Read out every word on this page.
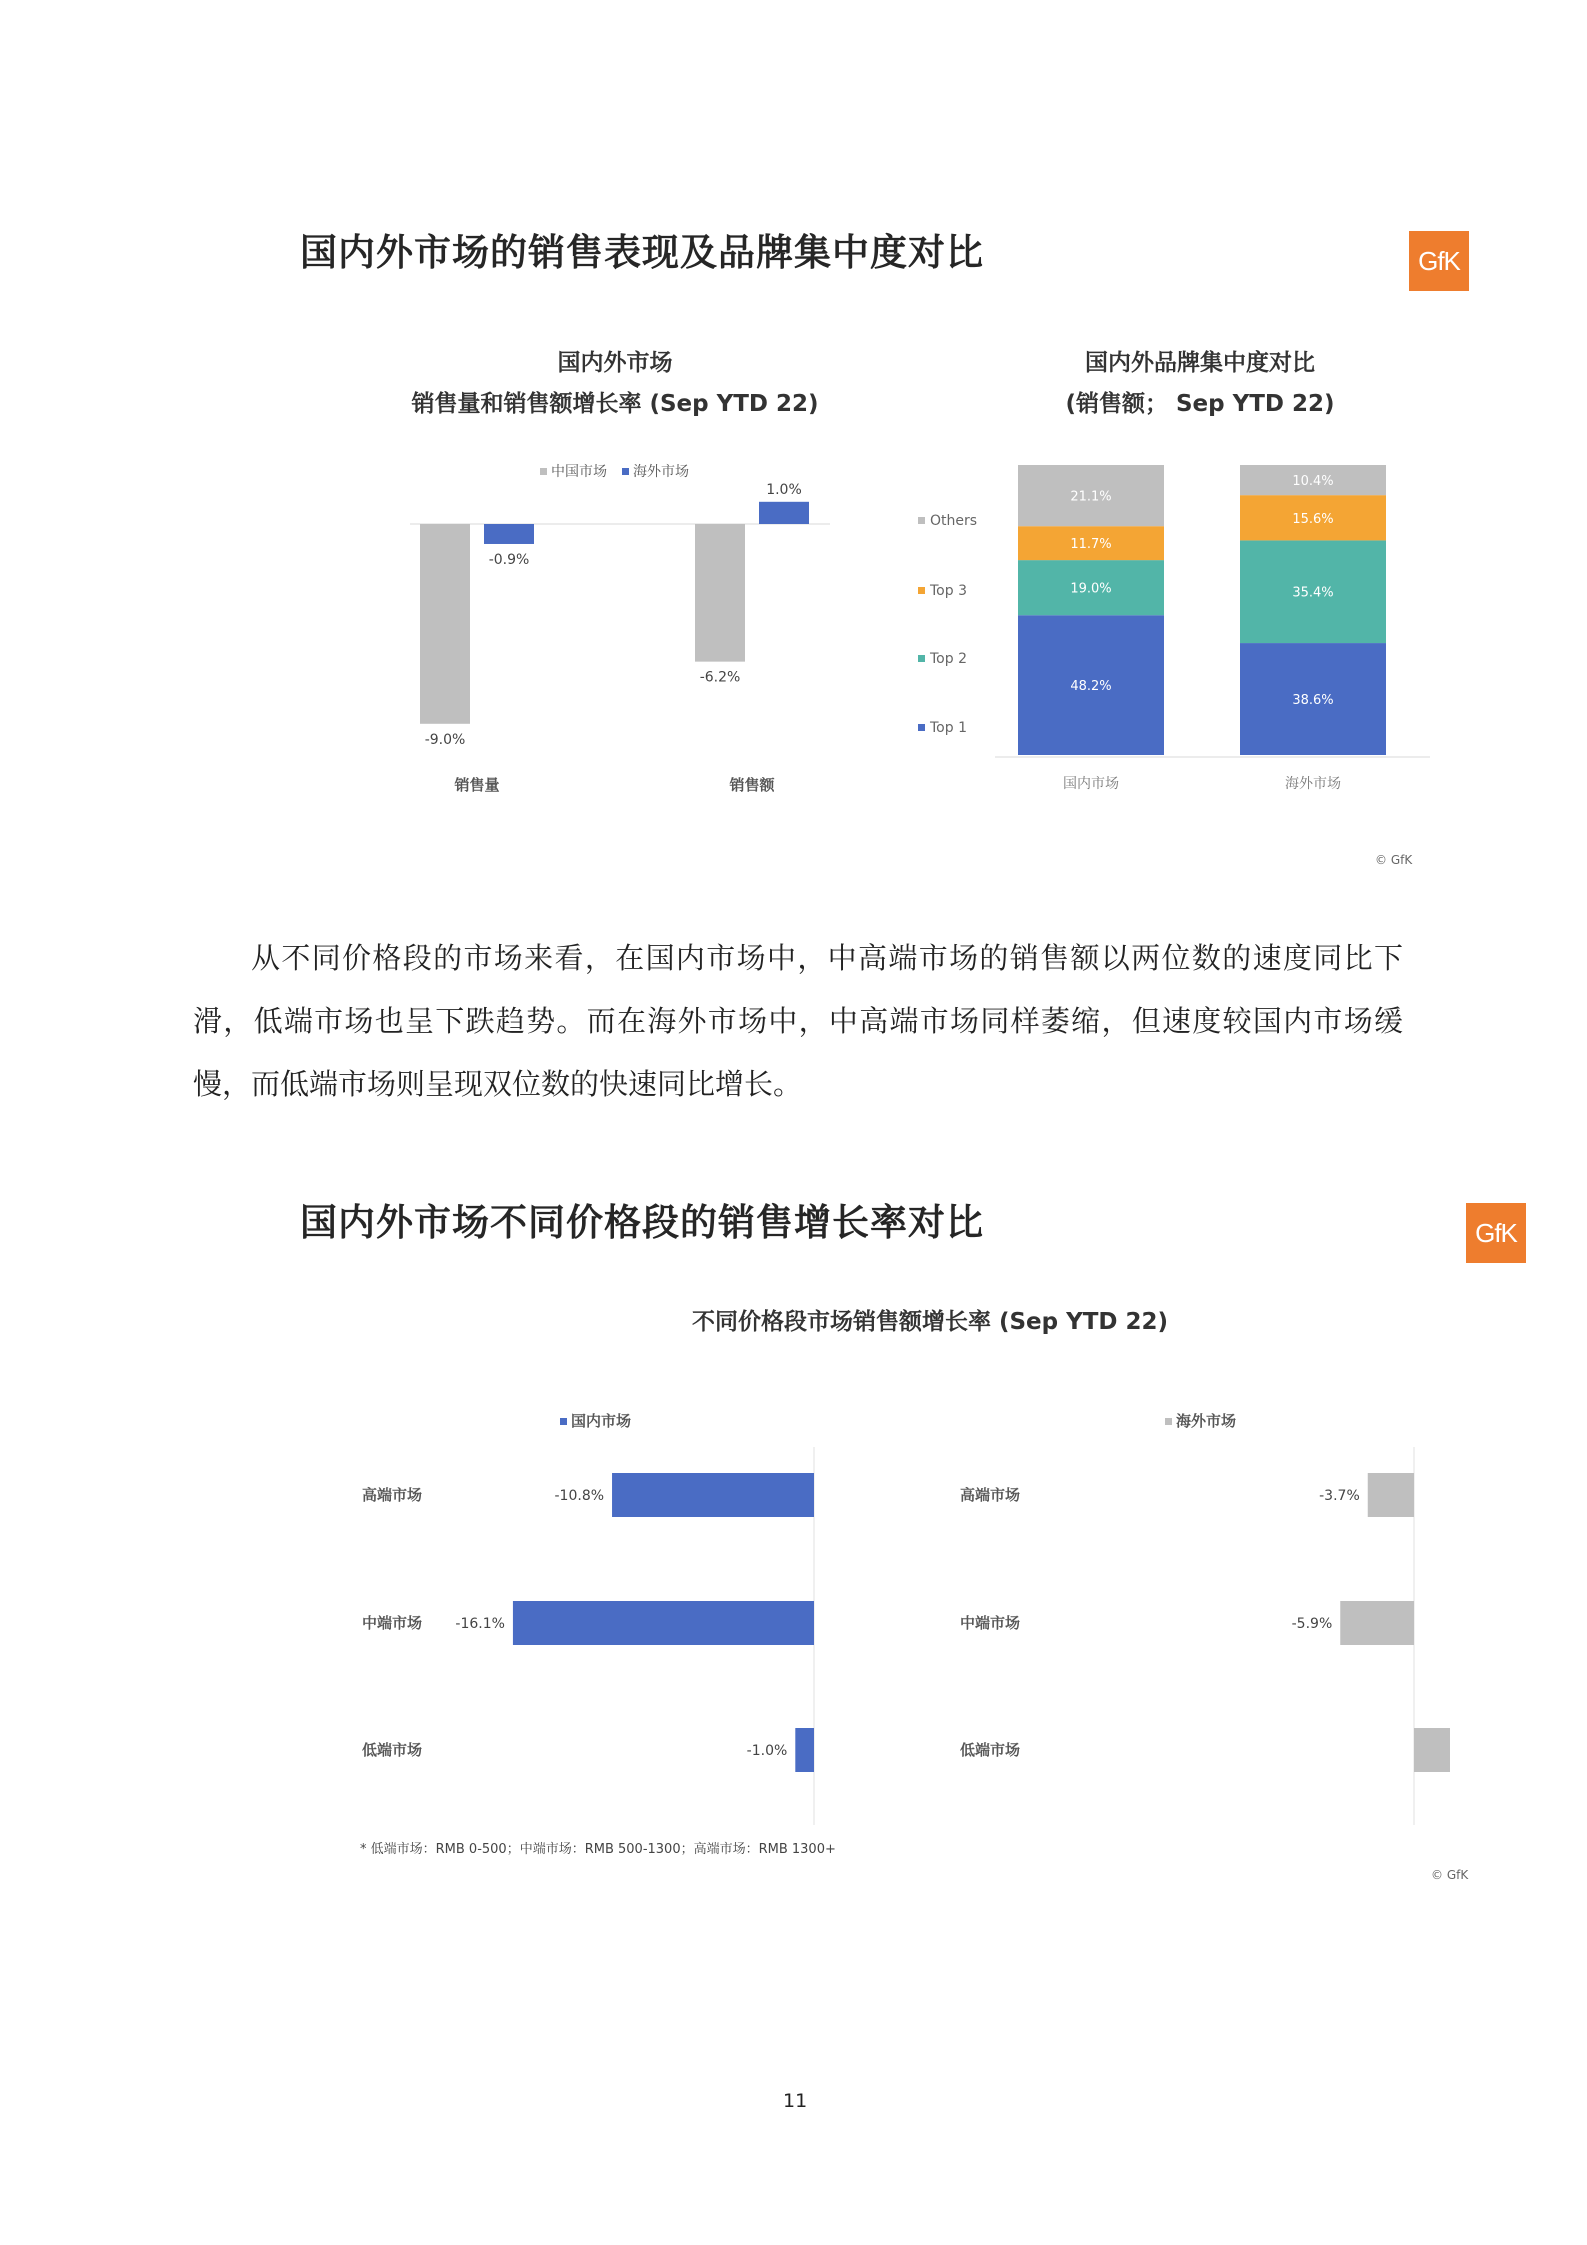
国内外市场的销售表现及品牌集中度对比	GfK
国内外市场
销售量和销售额增长率 (Sep YTD 22)
国内外品牌集中度对比
(销售额； Sep YTD 22)
中国市场 海外市场
-9.0%
-0.9%
销售量
-6.2%
1.0%
销售额
Top 1
Top 2
Top 3
Others
48.2%
19.0%
11.7%
21.1%
国内市场
38.6%
35.4%
15.6%
10.4%
海外市场
© GfK
从不同价格段的市场来看，在国内市场中，中高端市场的销售额以两位数的速度同比下滑，低端市场也呈下跌趋势。而在海外市场中，中高端市场同样萎缩，但速度较国内市场缓慢，而低端市场则呈现双位数的快速同比增长。
国内外市场不同价格段的销售增长率对比	GfK
不同价格段市场销售额增长率 (Sep YTD 22)
国内市场
高端市场	-10.8%
中端市场 -16.1%
低端市场	-1.0%
海外市场
高端市场	-3.7%
中端市场	-5.9%
低端市场
* 低端市场：RMB 0-500；中端市场：RMB 500-1300；高端市场：RMB 1300+
© GfK
11
